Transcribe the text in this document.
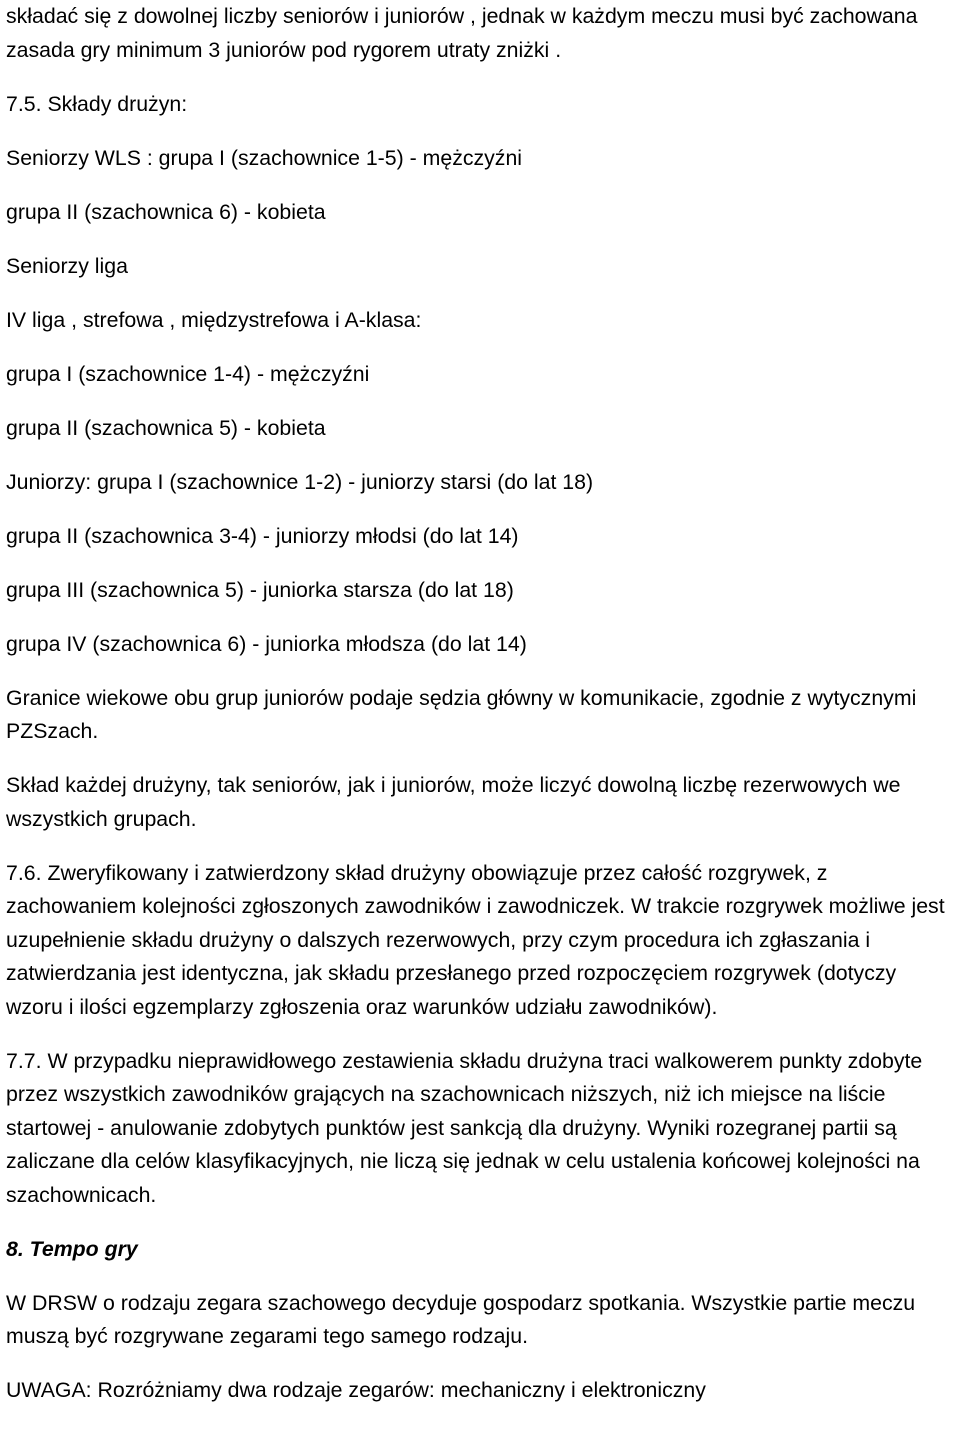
składać się z dowolnej liczby seniorów i juniorów , jednak w każdym meczu musi być zachowana zasada gry minimum 3 juniorów pod rygorem utraty zniżki .

7.5. Składy drużyn:

Seniorzy WLS : grupa I (szachownice 1-5) - mężczyźni

grupa II (szachownica 6) - kobieta

Seniorzy liga

IV liga , strefowa , międzystrefowa i A-klasa:

grupa I (szachownice 1-4) - mężczyźni

grupa II (szachownica 5) - kobieta

Juniorzy: grupa I (szachownice 1-2) - juniorzy starsi (do lat 18)

grupa II (szachownica 3-4) - juniorzy młodsi (do lat 14)

grupa III (szachownica 5) - juniorka starsza (do lat 18)

grupa IV (szachownica 6) - juniorka młodsza (do lat 14)

Granice wiekowe obu grup juniorów podaje sędzia główny w komunikacie, zgodnie z wytycznymi PZSzach.

Skład każdej drużyny, tak seniorów, jak i juniorów, może liczyć dowolną liczbę rezerwowych we wszystkich grupach.

7.6. Zweryfikowany i zatwierdzony skład drużyny obowiązuje przez całość rozgrywek, z zachowaniem kolejności zgłoszonych zawodników i zawodniczek. W trakcie rozgrywek możliwe jest uzupełnienie składu drużyny o dalszych rezerwowych, przy czym procedura ich zgłaszania i zatwierdzania jest identyczna, jak składu przesłanego przed rozpoczęciem rozgrywek (dotyczy wzoru i ilości egzemplarzy zgłoszenia oraz warunków udziału zawodników).

7.7. W przypadku nieprawidłowego zestawienia składu drużyna traci walkowerem punkty zdobyte przez wszystkich zawodników grających na szachownicach niższych, niż ich miejsce na liście startowej - anulowanie zdobytych punktów jest sankcją dla drużyny. Wyniki rozegranej partii są zaliczane dla celów klasyfikacyjnych, nie liczą się jednak w celu ustalenia końcowej kolejności na szachownicach.

8. Tempo gry

W DRSW o rodzaju zegara szachowego decyduje gospodarz spotkania. Wszystkie partie meczu muszą być rozgrywane zegarami tego samego rodzaju.

UWAGA: Rozróżniamy dwa rodzaje zegarów: mechaniczny i elektroniczny
